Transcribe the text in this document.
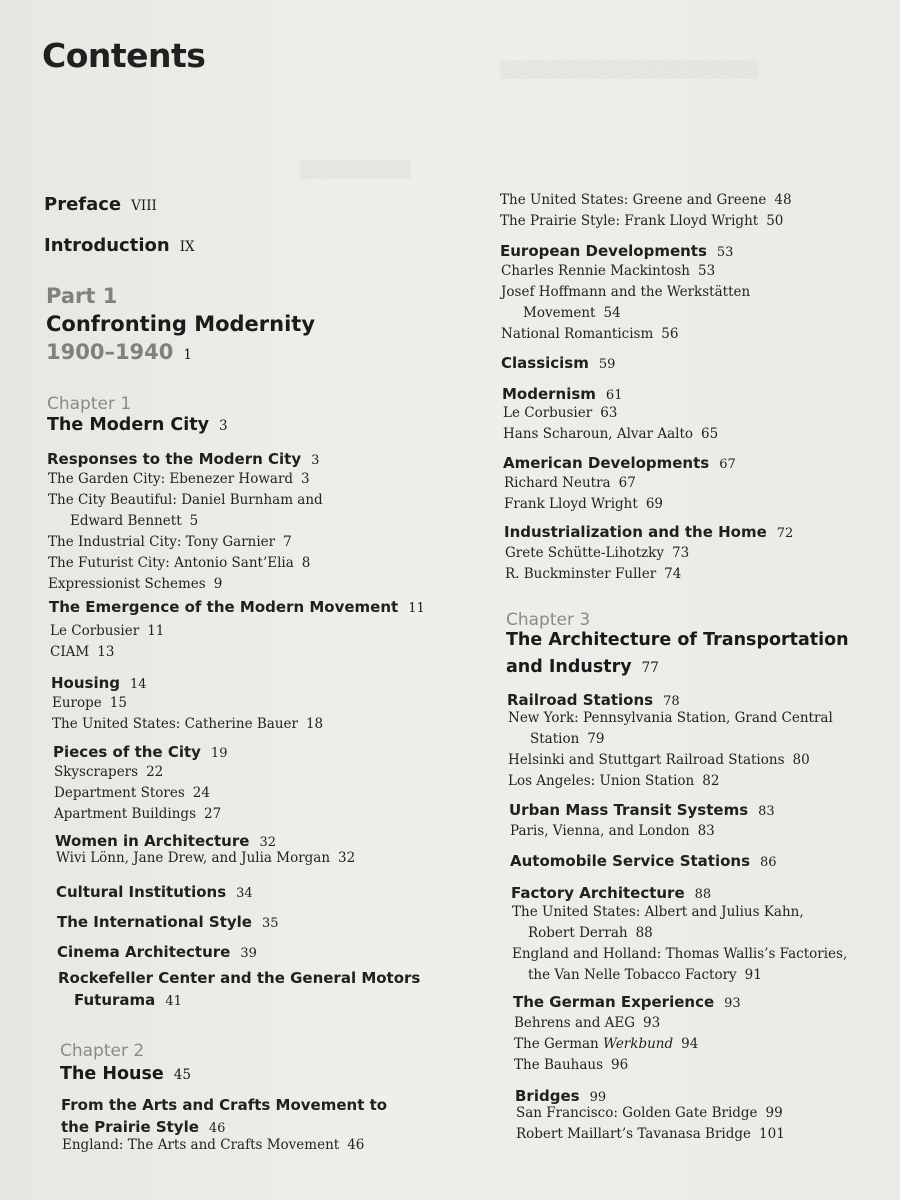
▒▒▒▒▒▒▒▒▒
▒▒▒▒▒▒▒▒▒▒▒▒▒▒▒▒▒▒▒▒▒
Contents
Preface VIII
Introduction IX
Part 1
Confronting Modernity
1900–1940 1
Chapter 1
The Modern City 3
Responses to the Modern City 3
The Garden City: Ebenezer Howard 3
The City Beautiful: Daniel Burnham and
Edward Bennett 5
The Industrial City: Tony Garnier 7
The Futurist City: Antonio Sant’Elia 8
Expressionist Schemes 9
The Emergence of the Modern Movement 11
Le Corbusier 11
CIAM 13
Housing 14
Europe 15
The United States: Catherine Bauer 18
Pieces of the City 19
Skyscrapers 22
Department Stores 24
Apartment Buildings 27
Women in Architecture 32
Wivi Lönn, Jane Drew, and Julia Morgan 32
Cultural Institutions 34
The International Style 35
Cinema Architecture 39
Rockefeller Center and the General Motors
Futurama 41
Chapter 2
The House 45
From the Arts and Crafts Movement to
the Prairie Style 46
England: The Arts and Crafts Movement 46
The United States: Greene and Greene 48
The Prairie Style: Frank Lloyd Wright 50
European Developments 53
Charles Rennie Mackintosh 53
Josef Hoffmann and the Werkstätten
Movement 54
National Romanticism 56
Classicism 59
Modernism 61
Le Corbusier 63
Hans Scharoun, Alvar Aalto 65
American Developments 67
Richard Neutra 67
Frank Lloyd Wright 69
Industrialization and the Home 72
Grete Schütte-Lihotzky 73
R. Buckminster Fuller 74
Chapter 3
The Architecture of Transportation
and Industry 77
Railroad Stations 78
New York: Pennsylvania Station, Grand Central
Station 79
Helsinki and Stuttgart Railroad Stations 80
Los Angeles: Union Station 82
Urban Mass Transit Systems 83
Paris, Vienna, and London 83
Automobile Service Stations 86
Factory Architecture 88
The United States: Albert and Julius Kahn,
Robert Derrah 88
England and Holland: Thomas Wallis’s Factories,
the Van Nelle Tobacco Factory 91
The German Experience 93
Behrens and AEG 93
The German Werkbund 94
The Bauhaus 96
Bridges 99
San Francisco: Golden Gate Bridge 99
Robert Maillart’s Tavanasa Bridge 101
